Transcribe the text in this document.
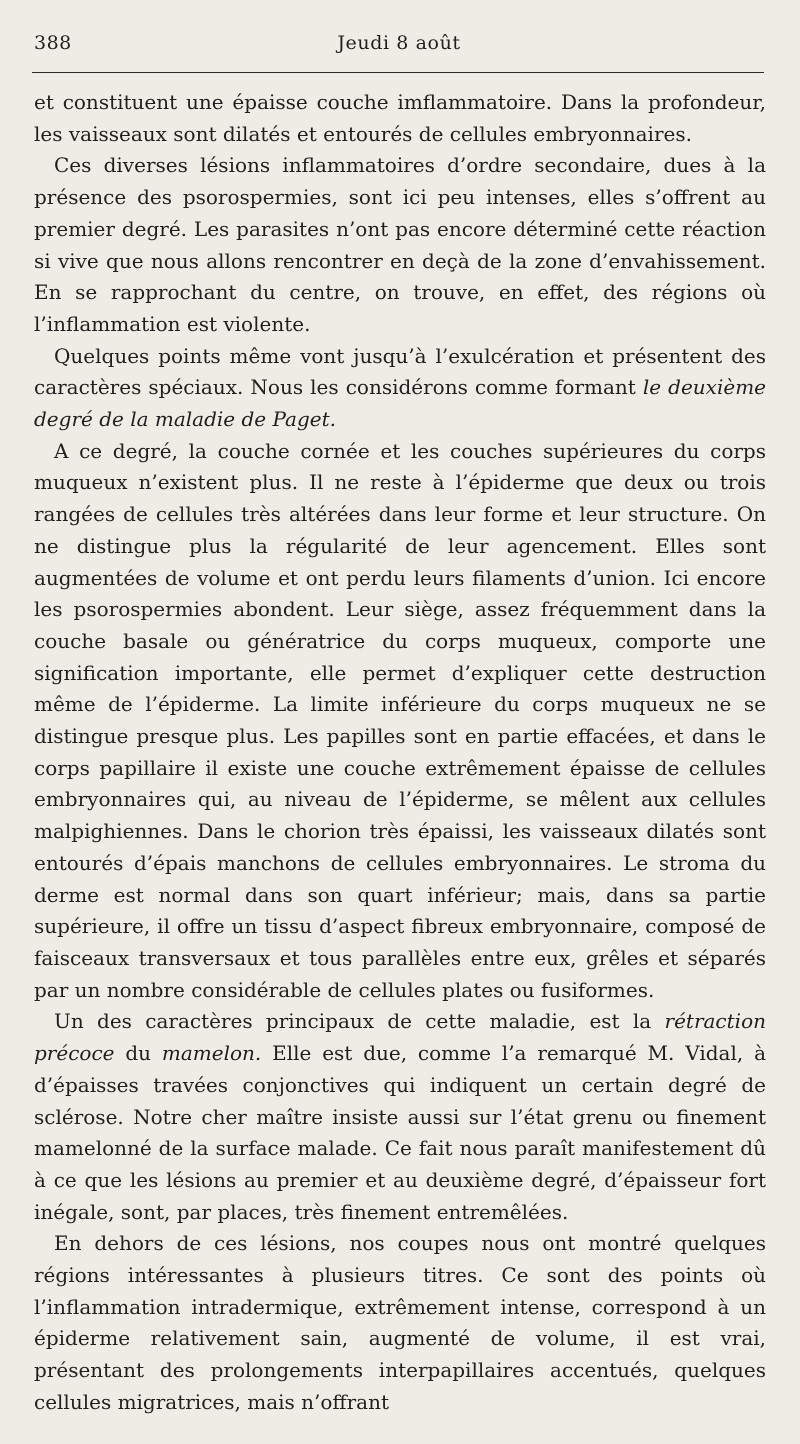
388	Jeudi 8 août

et constituent une épaisse couche imflammatoire. Dans la profondeur, les vaisseaux sont dilatés et entourés de cellules embryonnaires.

Ces diverses lésions inflammatoires d’ordre secondaire, dues à la présence des psorospermies, sont ici peu intenses, elles s’offrent au premier degré. Les parasites n’ont pas encore déterminé cette réaction si vive que nous allons rencontrer en deçà de la zone d’envahissement. En se rapprochant du centre, on trouve, en effet, des régions où l’inflammation est violente.

Quelques points même vont jusqu’à l’exulcération et présentent des caractères spéciaux. Nous les considérons comme formant le deuxième degré de la maladie de Paget.

A ce degré, la couche cornée et les couches supérieures du corps muqueux n’existent plus. Il ne reste à l’épiderme que deux ou trois rangées de cellules très altérées dans leur forme et leur structure. On ne distingue plus la régularité de leur agencement. Elles sont augmentées de volume et ont perdu leurs filaments d’union. Ici encore les psorospermies abondent. Leur siège, assez fréquemment dans la couche basale ou génératrice du corps muqueux, comporte une signification importante, elle permet d’expliquer cette destruction même de l’épiderme. La limite inférieure du corps muqueux ne se distingue presque plus. Les papilles sont en partie effacées, et dans le corps papillaire il existe une couche extrêmement épaisse de cellules embryonnaires qui, au niveau de l’épiderme, se mêlent aux cellules malpighiennes. Dans le chorion très épaissi, les vaisseaux dilatés sont entourés d’épais manchons de cellules embryonnaires. Le stroma du derme est normal dans son quart inférieur; mais, dans sa partie supérieure, il offre un tissu d’aspect fibreux embryonnaire, composé de faisceaux transversaux et tous parallèles entre eux, grêles et séparés par un nombre considérable de cellules plates ou fusiformes.

Un des caractères principaux de cette maladie, est la rétraction précoce du mamelon. Elle est due, comme l’a remarqué M. Vidal, à d’épaisses travées conjonctives qui indiquent un certain degré de sclérose. Notre cher maître insiste aussi sur l’état grenu ou finement mamelonné de la surface malade. Ce fait nous paraît manifestement dû à ce que les lésions au premier et au deuxième degré, d’épaisseur fort inégale, sont, par places, très finement entremêlées.

En dehors de ces lésions, nos coupes nous ont montré quelques régions intéressantes à plusieurs titres. Ce sont des points où l’inflammation intradermique, extrêmement intense, correspond à un épiderme relativement sain, augmenté de volume, il est vrai, présentant des prolongements interpapillaires accentués, quelques cellules migratrices, mais n’offrant
